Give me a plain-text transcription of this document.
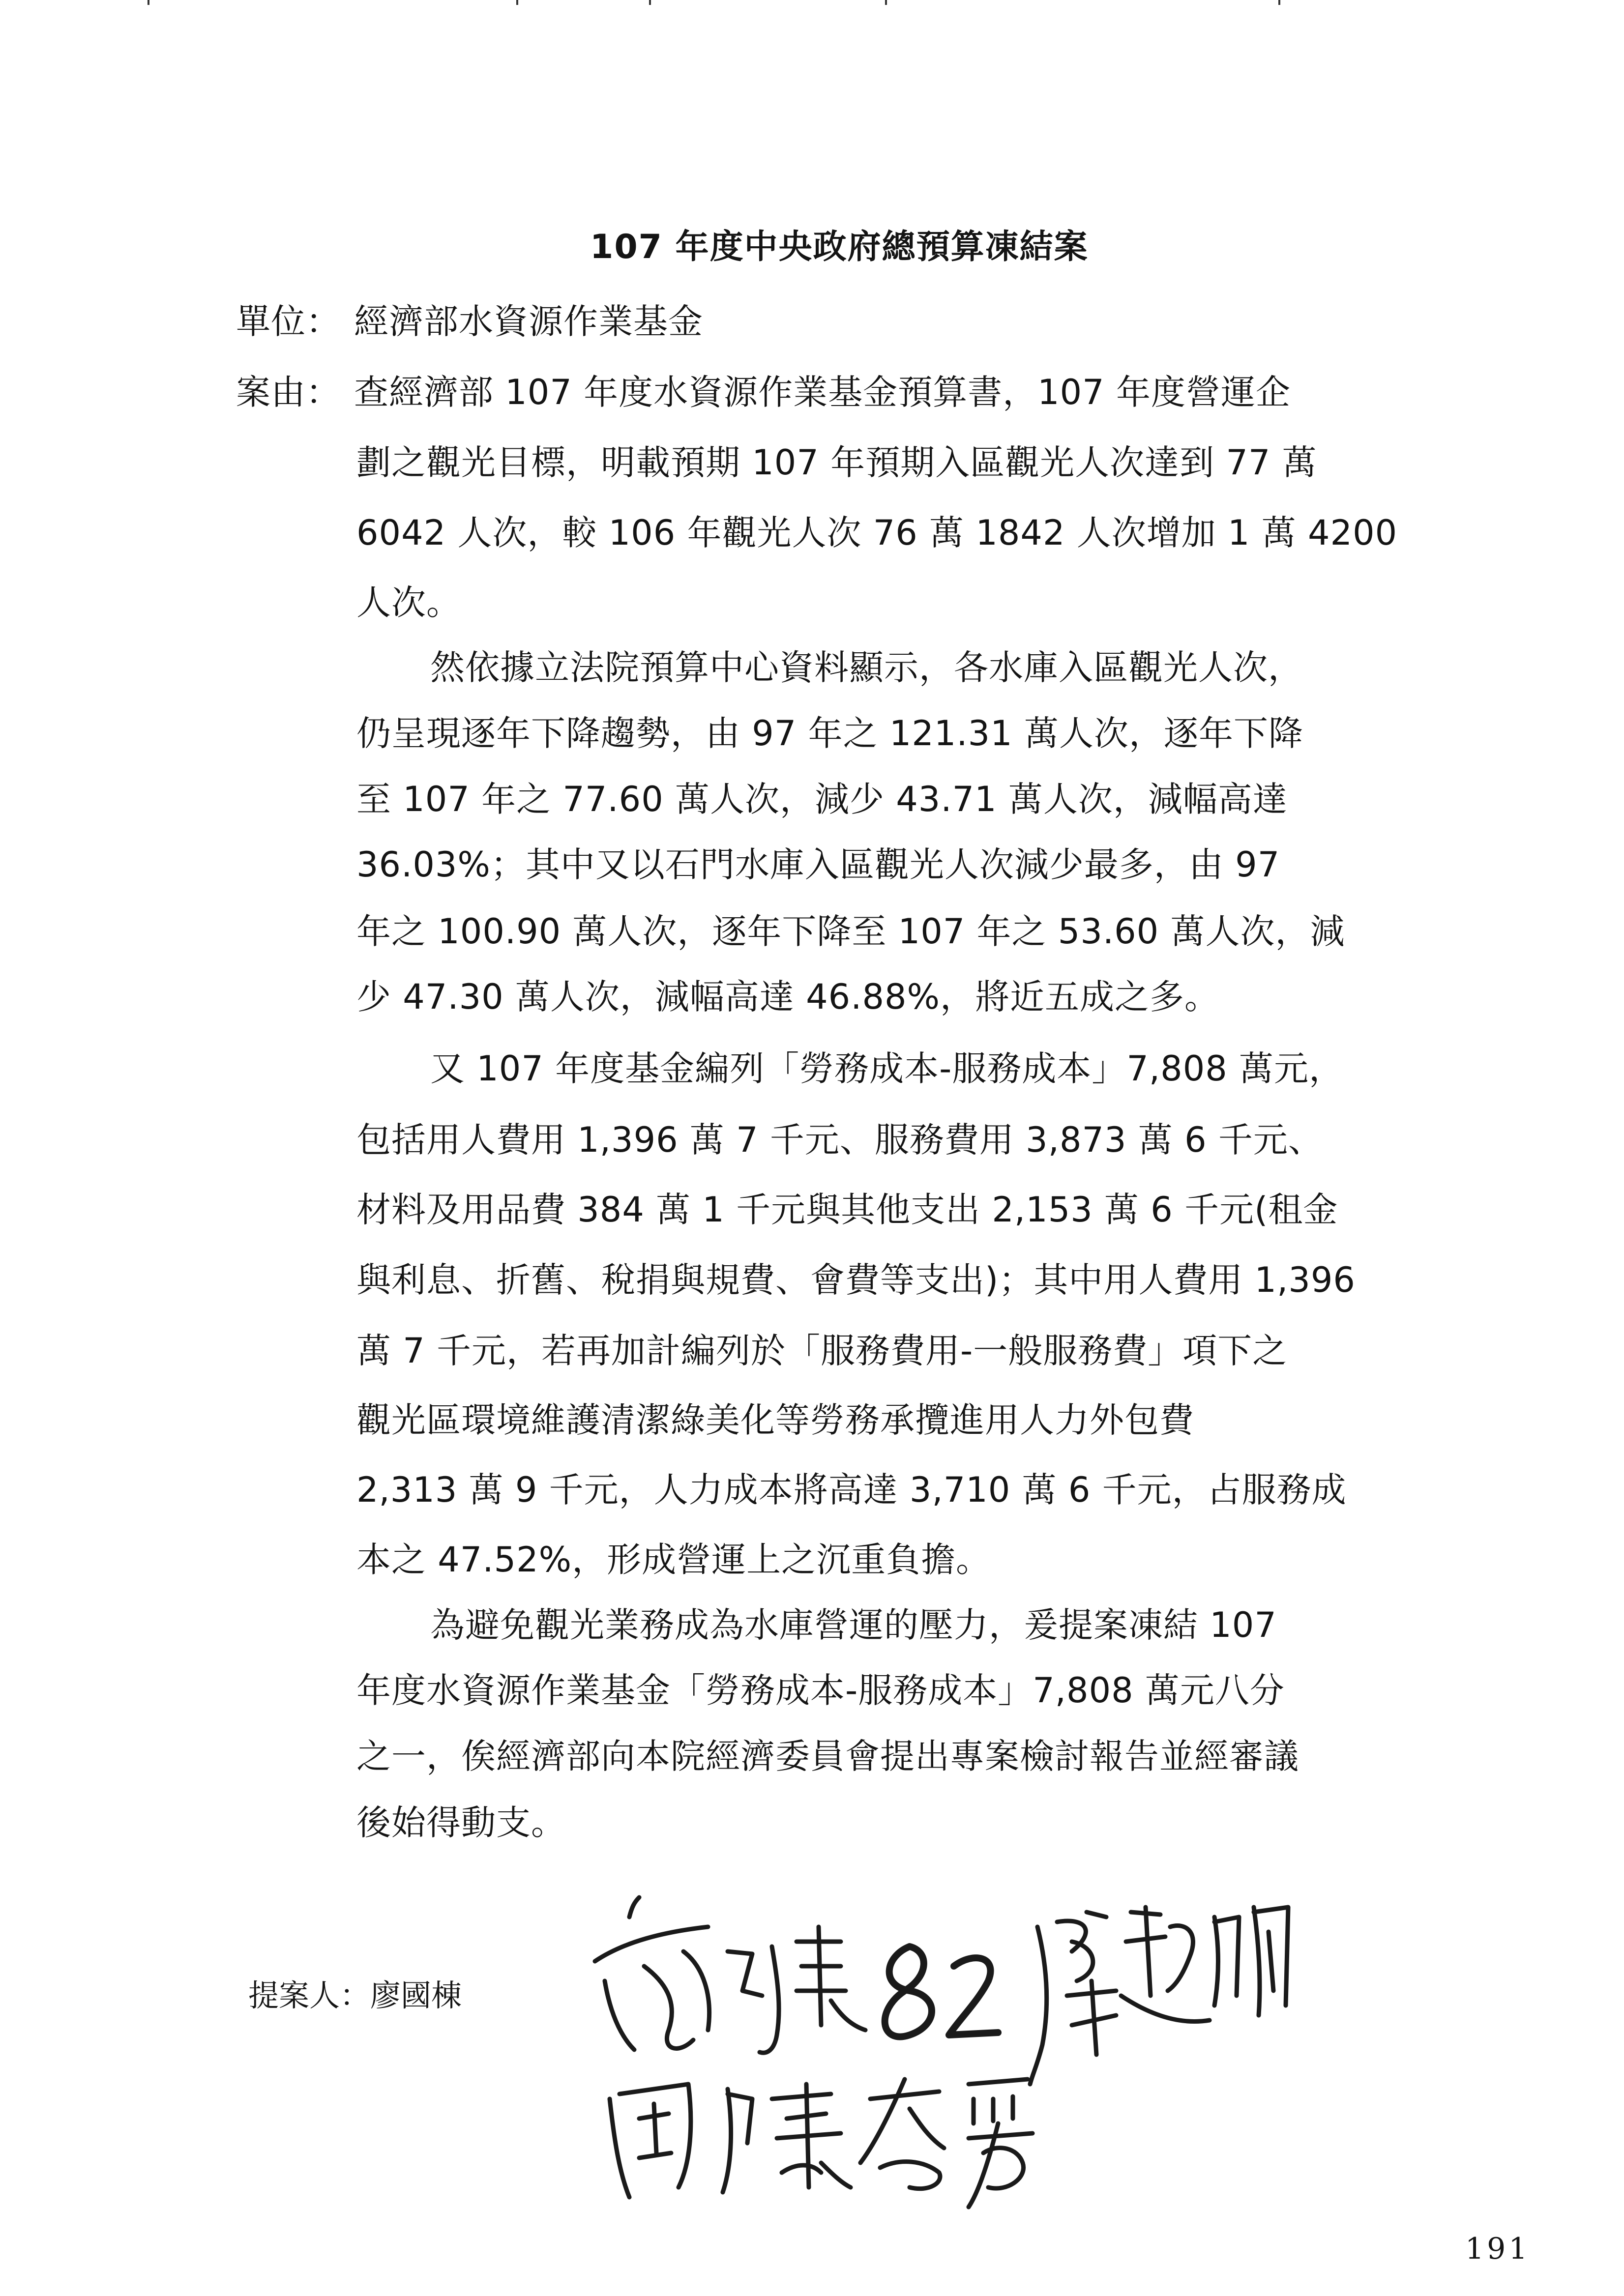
107 年度中央政府總預算凍結案
單位： 經濟部水資源作業基金
案由： 查經濟部 107 年度水資源作業基金預算書，107 年度營運企
劃之觀光目標，明載預期 107 年預期入區觀光人次達到 77 萬
6042 人次，較 106 年觀光人次 76 萬 1842 人次增加 1 萬 4200
人次。
然依據立法院預算中心資料顯示，各水庫入區觀光人次，
仍呈現逐年下降趨勢，由 97 年之 121.31 萬人次，逐年下降
至 107 年之 77.60 萬人次，減少 43.71 萬人次，減幅高達
36.03%；其中又以石門水庫入區觀光人次減少最多，由 97
年之 100.90 萬人次，逐年下降至 107 年之 53.60 萬人次，減
少 47.30 萬人次，減幅高達 46.88%，將近五成之多。
又 107 年度基金編列「勞務成本-服務成本」7,808 萬元，
包括用人費用 1,396 萬 7 千元、服務費用 3,873 萬 6 千元、
材料及用品費 384 萬 1 千元與其他支出 2,153 萬 6 千元(租金
與利息、折舊、稅捐與規費、會費等支出)；其中用人費用 1,396
萬 7 千元，若再加計編列於「服務費用-一般服務費」項下之
觀光區環境維護清潔綠美化等勞務承攬進用人力外包費
2,313 萬 9 千元，人力成本將高達 3,710 萬 6 千元，占服務成
本之 47.52%，形成營運上之沉重負擔。
為避免觀光業務成為水庫營運的壓力，爰提案凍結 107
年度水資源作業基金「勞務成本-服務成本」7,808 萬元八分
之一，俟經濟部向本院經濟委員會提出專案檢討報告並經審議
後始得動支。
提案人：廖國棟
191
